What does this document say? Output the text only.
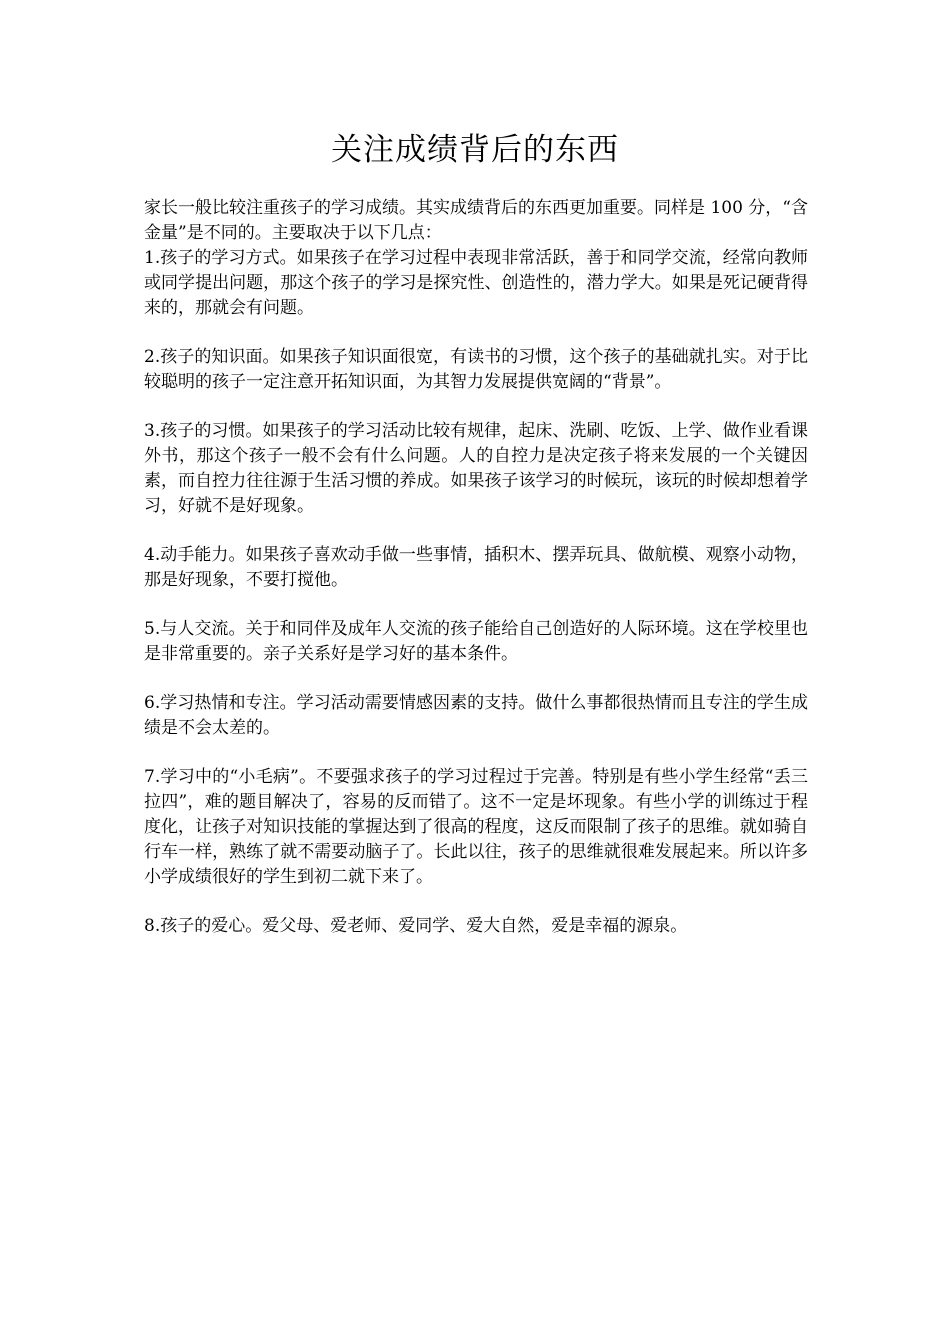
关注成绩背后的东西

家长一般比较注重孩子的学习成绩。其实成绩背后的东西更加重要。同样是 100 分，“含金量”是不同的。主要取决于以下几点：

1.孩子的学习方式。如果孩子在学习过程中表现非常活跃，善于和同学交流，经常向教师或同学提出问题，那这个孩子的学习是探究性、创造性的，潜力学大。如果是死记硬背得来的，那就会有问题。

2.孩子的知识面。如果孩子知识面很宽，有读书的习惯，这个孩子的基础就扎实。对于比较聪明的孩子一定注意开拓知识面，为其智力发展提供宽阔的“背景”。

3.孩子的习惯。如果孩子的学习活动比较有规律，起床、洗刷、吃饭、上学、做作业看课外书，那这个孩子一般不会有什么问题。人的自控力是决定孩子将来发展的一个关键因素，而自控力往往源于生活习惯的养成。如果孩子该学习的时候玩，该玩的时候却想着学习，好就不是好现象。

4.动手能力。如果孩子喜欢动手做一些事情，插积木、摆弄玩具、做航模、观察小动物，那是好现象，不要打搅他。

5.与人交流。关于和同伴及成年人交流的孩子能给自己创造好的人际环境。这在学校里也是非常重要的。亲子关系好是学习好的基本条件。

6.学习热情和专注。学习活动需要情感因素的支持。做什么事都很热情而且专注的学生成绩是不会太差的。

7.学习中的“小毛病”。不要强求孩子的学习过程过于完善。特别是有些小学生经常“丢三拉四”，难的题目解决了，容易的反而错了。这不一定是坏现象。有些小学的训练过于程度化，让孩子对知识技能的掌握达到了很高的程度，这反而限制了孩子的思维。就如骑自行车一样，熟练了就不需要动脑子了。长此以往，孩子的思维就很难发展起来。所以许多小学成绩很好的学生到初二就下来了。

8.孩子的爱心。爱父母、爱老师、爱同学、爱大自然，爱是幸福的源泉。
